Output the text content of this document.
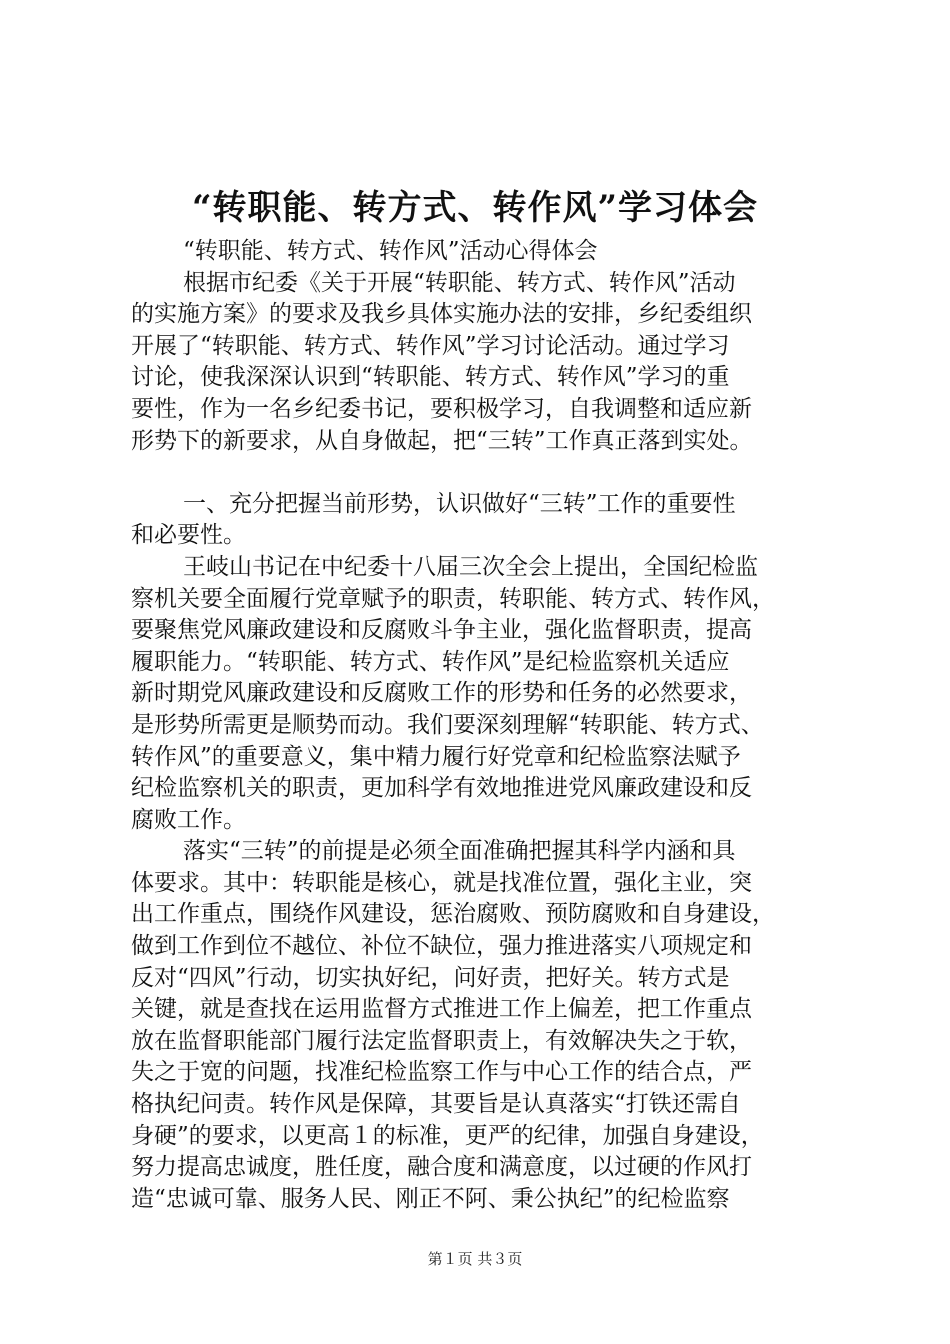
“转职能、转方式、转作风”学习体会
“转职能、转方式、转作风”活动心得体会
根据市纪委《关于开展“转职能、转方式、转作风”活动
的实施方案》的要求及我乡具体实施办法的安排，乡纪委组织
开展了“转职能、转方式、转作风”学习讨论活动。通过学习
讨论，使我深深认识到“转职能、转方式、转作风”学习的重
要性，作为一名乡纪委书记，要积极学习，自我调整和适应新
形势下的新要求，从自身做起，把“三转”工作真正落到实处。
一、充分把握当前形势，认识做好“三转”工作的重要性
和必要性。
王岐山书记在中纪委十八届三次全会上提出，全国纪检监
察机关要全面履行党章赋予的职责，转职能、转方式、转作风，
要聚焦党风廉政建设和反腐败斗争主业，强化监督职责，提高
履职能力。“转职能、转方式、转作风”是纪检监察机关适应
新时期党风廉政建设和反腐败工作的形势和任务的必然要求，
是形势所需更是顺势而动。我们要深刻理解“转职能、转方式、
转作风”的重要意义，集中精力履行好党章和纪检监察法赋予
纪检监察机关的职责，更加科学有效地推进党风廉政建设和反
腐败工作。
落实“三转”的前提是必须全面准确把握其科学内涵和具
体要求。其中：转职能是核心，就是找准位置，强化主业，突
出工作重点，围绕作风建设，惩治腐败、预防腐败和自身建设，
做到工作到位不越位、补位不缺位，强力推进落实八项规定和
反对“四风”行动，切实执好纪，问好责，把好关。转方式是
关键，就是查找在运用监督方式推进工作上偏差，把工作重点
放在监督职能部门履行法定监督职责上，有效解决失之于软，
失之于宽的问题，找准纪检监察工作与中心工作的结合点，严
格执纪问责。转作风是保障，其要旨是认真落实“打铁还需自
身硬”的要求，以更高１的标准，更严的纪律，加强自身建设，
努力提高忠诚度，胜任度，融合度和满意度，以过硬的作风打
造“忠诚可靠、服务人民、刚正不阿、秉公执纪”的纪检监察
第１页 共３页
